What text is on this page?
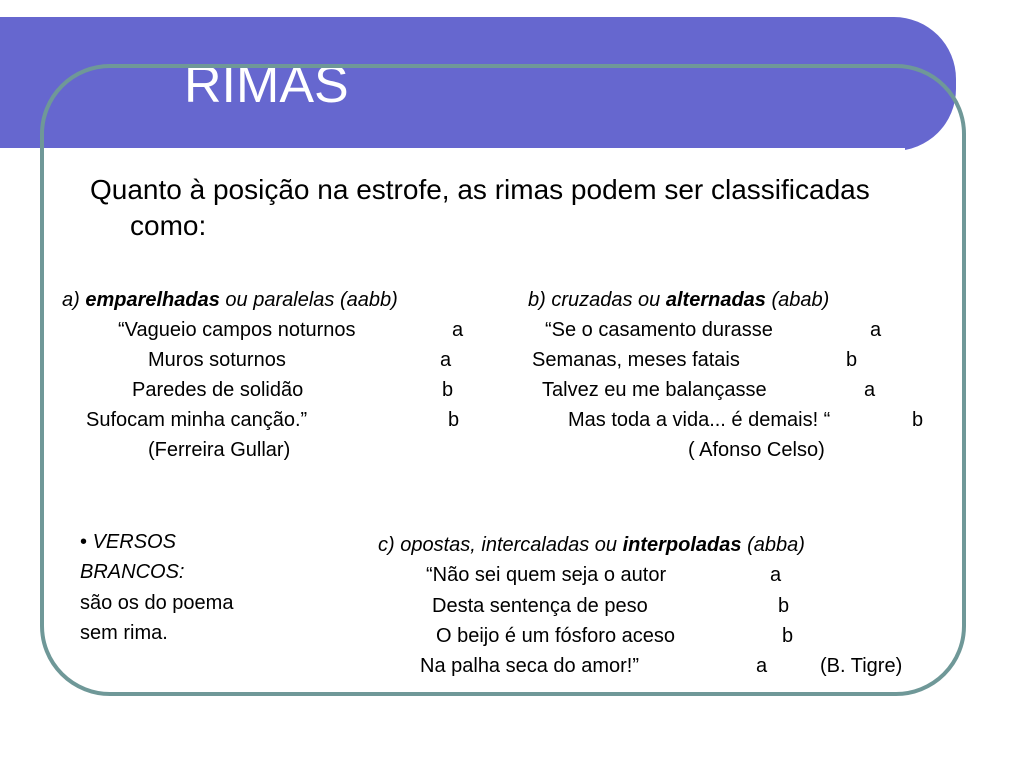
RIMAS
Quanto à posição na estrofe, as rimas podem ser classificadas como:
a) emparelhadas ou paralelas (aabb)
“Vagueio campos noturnos	a
Muros soturnos	a
Paredes de solidão	b
Sufocam minha canção.”	b
(Ferreira Gullar)
b) cruzadas ou alternadas (abab)
“Se o casamento durasse	a
Semanas, meses fatais	b
Talvez eu me balançasse	a
Mas toda a vida... é demais! “	b
( Afonso Celso)
• VERSOS
BRANCOS:
são os do poema
sem rima.
c) opostas, intercaladas ou interpoladas (abba)
“Não sei quem seja o autor	a
Desta sentença de peso	b
O beijo é um fósforo aceso	b
Na palha seca do amor!”	a	(B. Tigre)
